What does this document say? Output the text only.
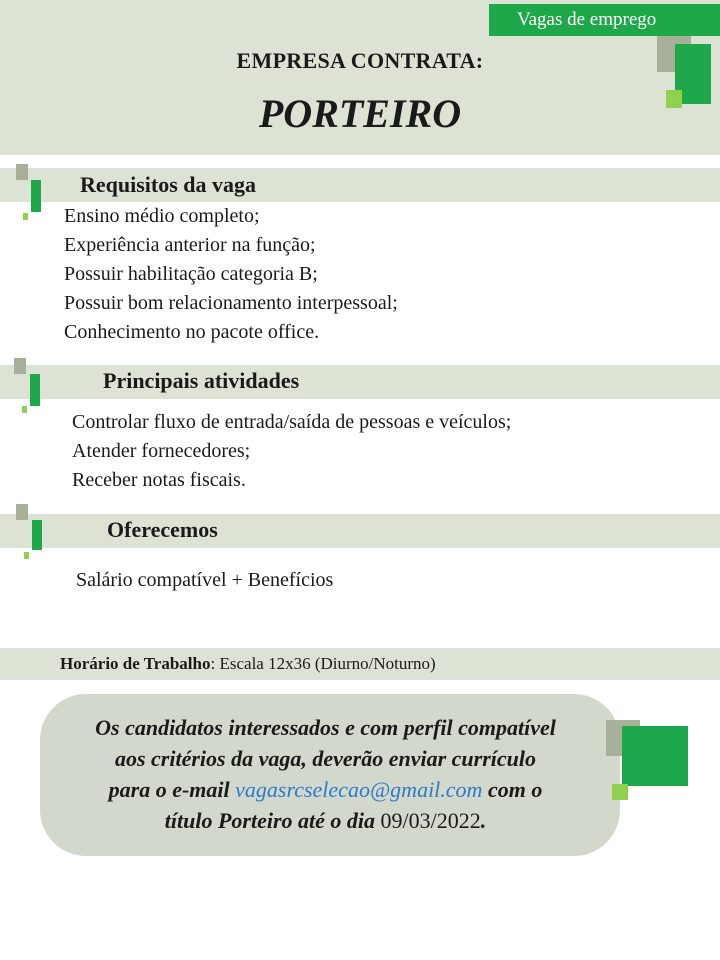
Vagas de emprego
EMPRESA CONTRATA:
PORTEIRO
Requisitos da vaga
Ensino médio completo;
Experiência anterior na função;
Possuir habilitação categoria B;
Possuir bom relacionamento interpessoal;
Conhecimento no pacote office.
Principais atividades
Controlar fluxo de entrada/saída de pessoas e veículos;
Atender fornecedores;
Receber notas fiscais.
Oferecemos
Salário compatível + Benefícios
Horário de Trabalho: Escala 12x36 (Diurno/Noturno)
Os candidatos interessados e com perfil compatível
aos critérios da vaga, deverão enviar currículo
para o e-mail vagasrcselecao@gmail.com com o
título Porteiro até o dia 09/03/2022.
